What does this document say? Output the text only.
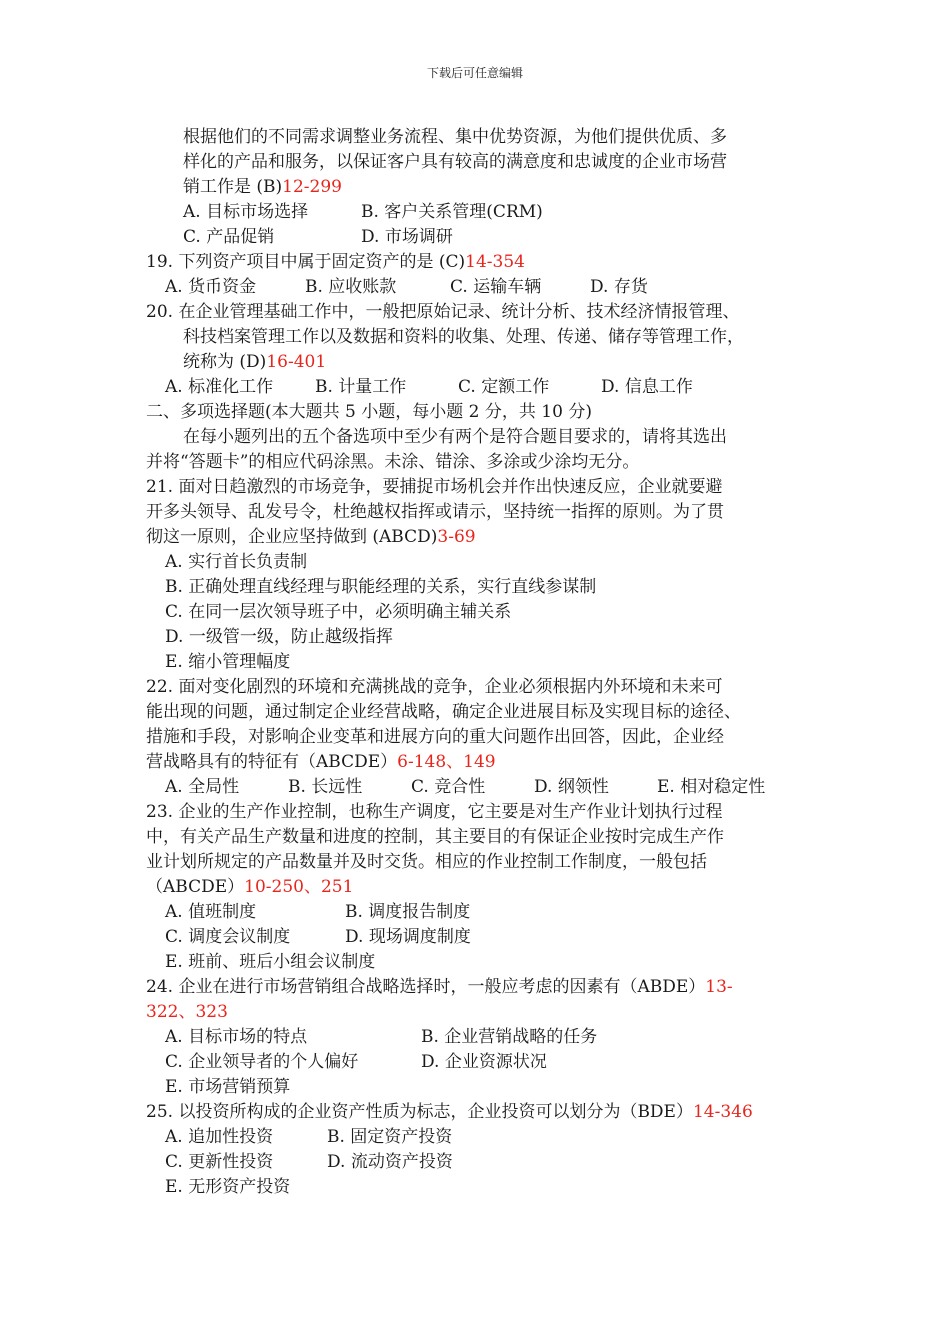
下载后可任意编辑
根据他们的不同需求调整业务流程、集中优势资源，为他们提供优质、多
样化的产品和服务，以保证客户具有较高的满意度和忠诚度的企业市场营
销工作是 (B)12-299
A. 目标市场选择	B. 客户关系管理(CRM)
C. 产品促销	D. 市场调研
19. 下列资产项目中属于固定资产的是 (C)14-354
A. 货币资金	B. 应收账款	C. 运输车辆	D. 存货
20. 在企业管理基础工作中，一般把原始记录、统计分析、技术经济情报管理、
科技档案管理工作以及数据和资料的收集、处理、传递、储存等管理工作，
统称为 (D)16-401
A. 标准化工作 B. 计量工作	C. 定额工作	D. 信息工作
二、多项选择题(本大题共 5 小题，每小题 2 分，共 10 分)
在每小题列出的五个备选项中至少有两个是符合题目要求的，请将其选出
并将“答题卡”的相应代码涂黑。未涂、错涂、多涂或少涂均无分。
21. 面对日趋激烈的市场竞争，要捕捉市场机会并作出快速反应，企业就要避
开多头领导、乱发号令，杜绝越权指挥或请示，坚持统一指挥的原则。为了贯
彻这一原则，企业应坚持做到 (ABCD)3-69
A. 实行首长负责制
B. 正确处理直线经理与职能经理的关系，实行直线参谋制
C. 在同一层次领导班子中，必须明确主辅关系
D. 一级管一级，防止越级指挥
E. 缩小管理幅度
22. 面对变化剧烈的环境和充满挑战的竞争，企业必须根据内外环境和未来可
能出现的问题，通过制定企业经营战略，确定企业进展目标及实现目标的途径、
措施和手段，对影响企业变革和进展方向的重大问题作出回答，因此，企业经
营战略具有的特征有（ABCDE）6-148、149
A. 全局性	B. 长远性	C. 竞合性	D. 纲领性	E. 相对稳定性
23. 企业的生产作业控制，也称生产调度，它主要是对生产作业计划执行过程
中，有关产品生产数量和进度的控制，其主要目的有保证企业按时完成生产作
业计划所规定的产品数量并及时交货。相应的作业控制工作制度，一般包括
（ABCDE）10-250、251
A. 值班制度	B. 调度报告制度
C. 调度会议制度	D. 现场调度制度
E. 班前、班后小组会议制度
24. 企业在进行市场营销组合战略选择时，一般应考虑的因素有（ABDE）13-
322、323
A. 目标市场的特点	B. 企业营销战略的任务
C. 企业领导者的个人偏好	D. 企业资源状况
E. 市场营销预算
25. 以投资所构成的企业资产性质为标志，企业投资可以划分为（BDE）14-346
A. 追加性投资	B. 固定资产投资
C. 更新性投资	D. 流动资产投资
E. 无形资产投资
